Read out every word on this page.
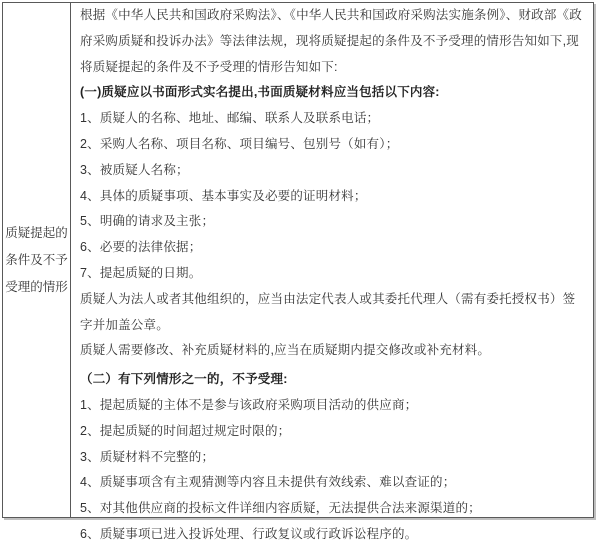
质疑提起的
条件及不予
受理的情形

根据《中华人民共和国政府采购法》、《中华人民共和国政府采购法实施条例》、财政部《政府采购质疑和投诉办法》等法律法规，现将质疑提起的条件及不予受理的情形告知如下,现将质疑提起的条件及不予受理的情形告知如下:

(一)质疑应以书面形式实名提出,书面质疑材料应当包括以下内容:

1、质疑人的名称、地址、邮编、联系人及联系电话；

2、采购人名称、项目名称、项目编号、包别号（如有）；

3、被质疑人名称；

4、具体的质疑事项、基本事实及必要的证明材料；

5、明确的请求及主张；

6、必要的法律依据；

7、提起质疑的日期。

质疑人为法人或者其他组织的，应当由法定代表人或其委托代理人（需有委托授权书）签字并加盖公章。

质疑人需要修改、补充质疑材料的,应当在质疑期内提交修改或补充材料。

（二）有下列情形之一的，不予受理:

1、提起质疑的主体不是参与该政府采购项目活动的供应商；

2、提起质疑的时间超过规定时限的；

3、质疑材料不完整的；

4、质疑事项含有主观猜测等内容且未提供有效线索、难以查证的；

5、对其他供应商的投标文件详细内容质疑，无法提供合法来源渠道的；

6、质疑事项已进入投诉处理、行政复议或行政诉讼程序的。
